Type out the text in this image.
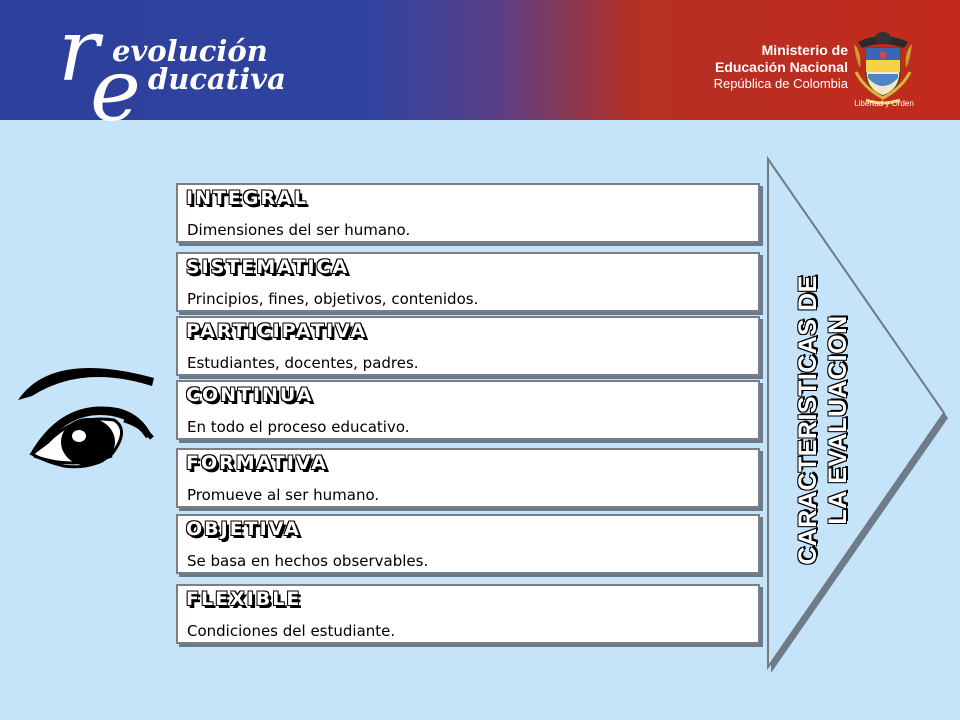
r
e
evolución
ducativa
Ministerio de
Educación Nacional
República de Colombia
Libertad y Orden
INTEGRAL
Dimensiones del ser humano.
SISTEMATICA
Principios, fines, objetivos, contenidos.
PARTICIPATIVA
Estudiantes, docentes, padres.
CONTINUA
En todo el proceso educativo.
FORMATIVA
Promueve al ser humano.
OBJETIVA
Se basa en hechos observables.
FLEXIBLE
Condiciones del estudiante.
CARACTERISTICAS DE LA EVALUACION
